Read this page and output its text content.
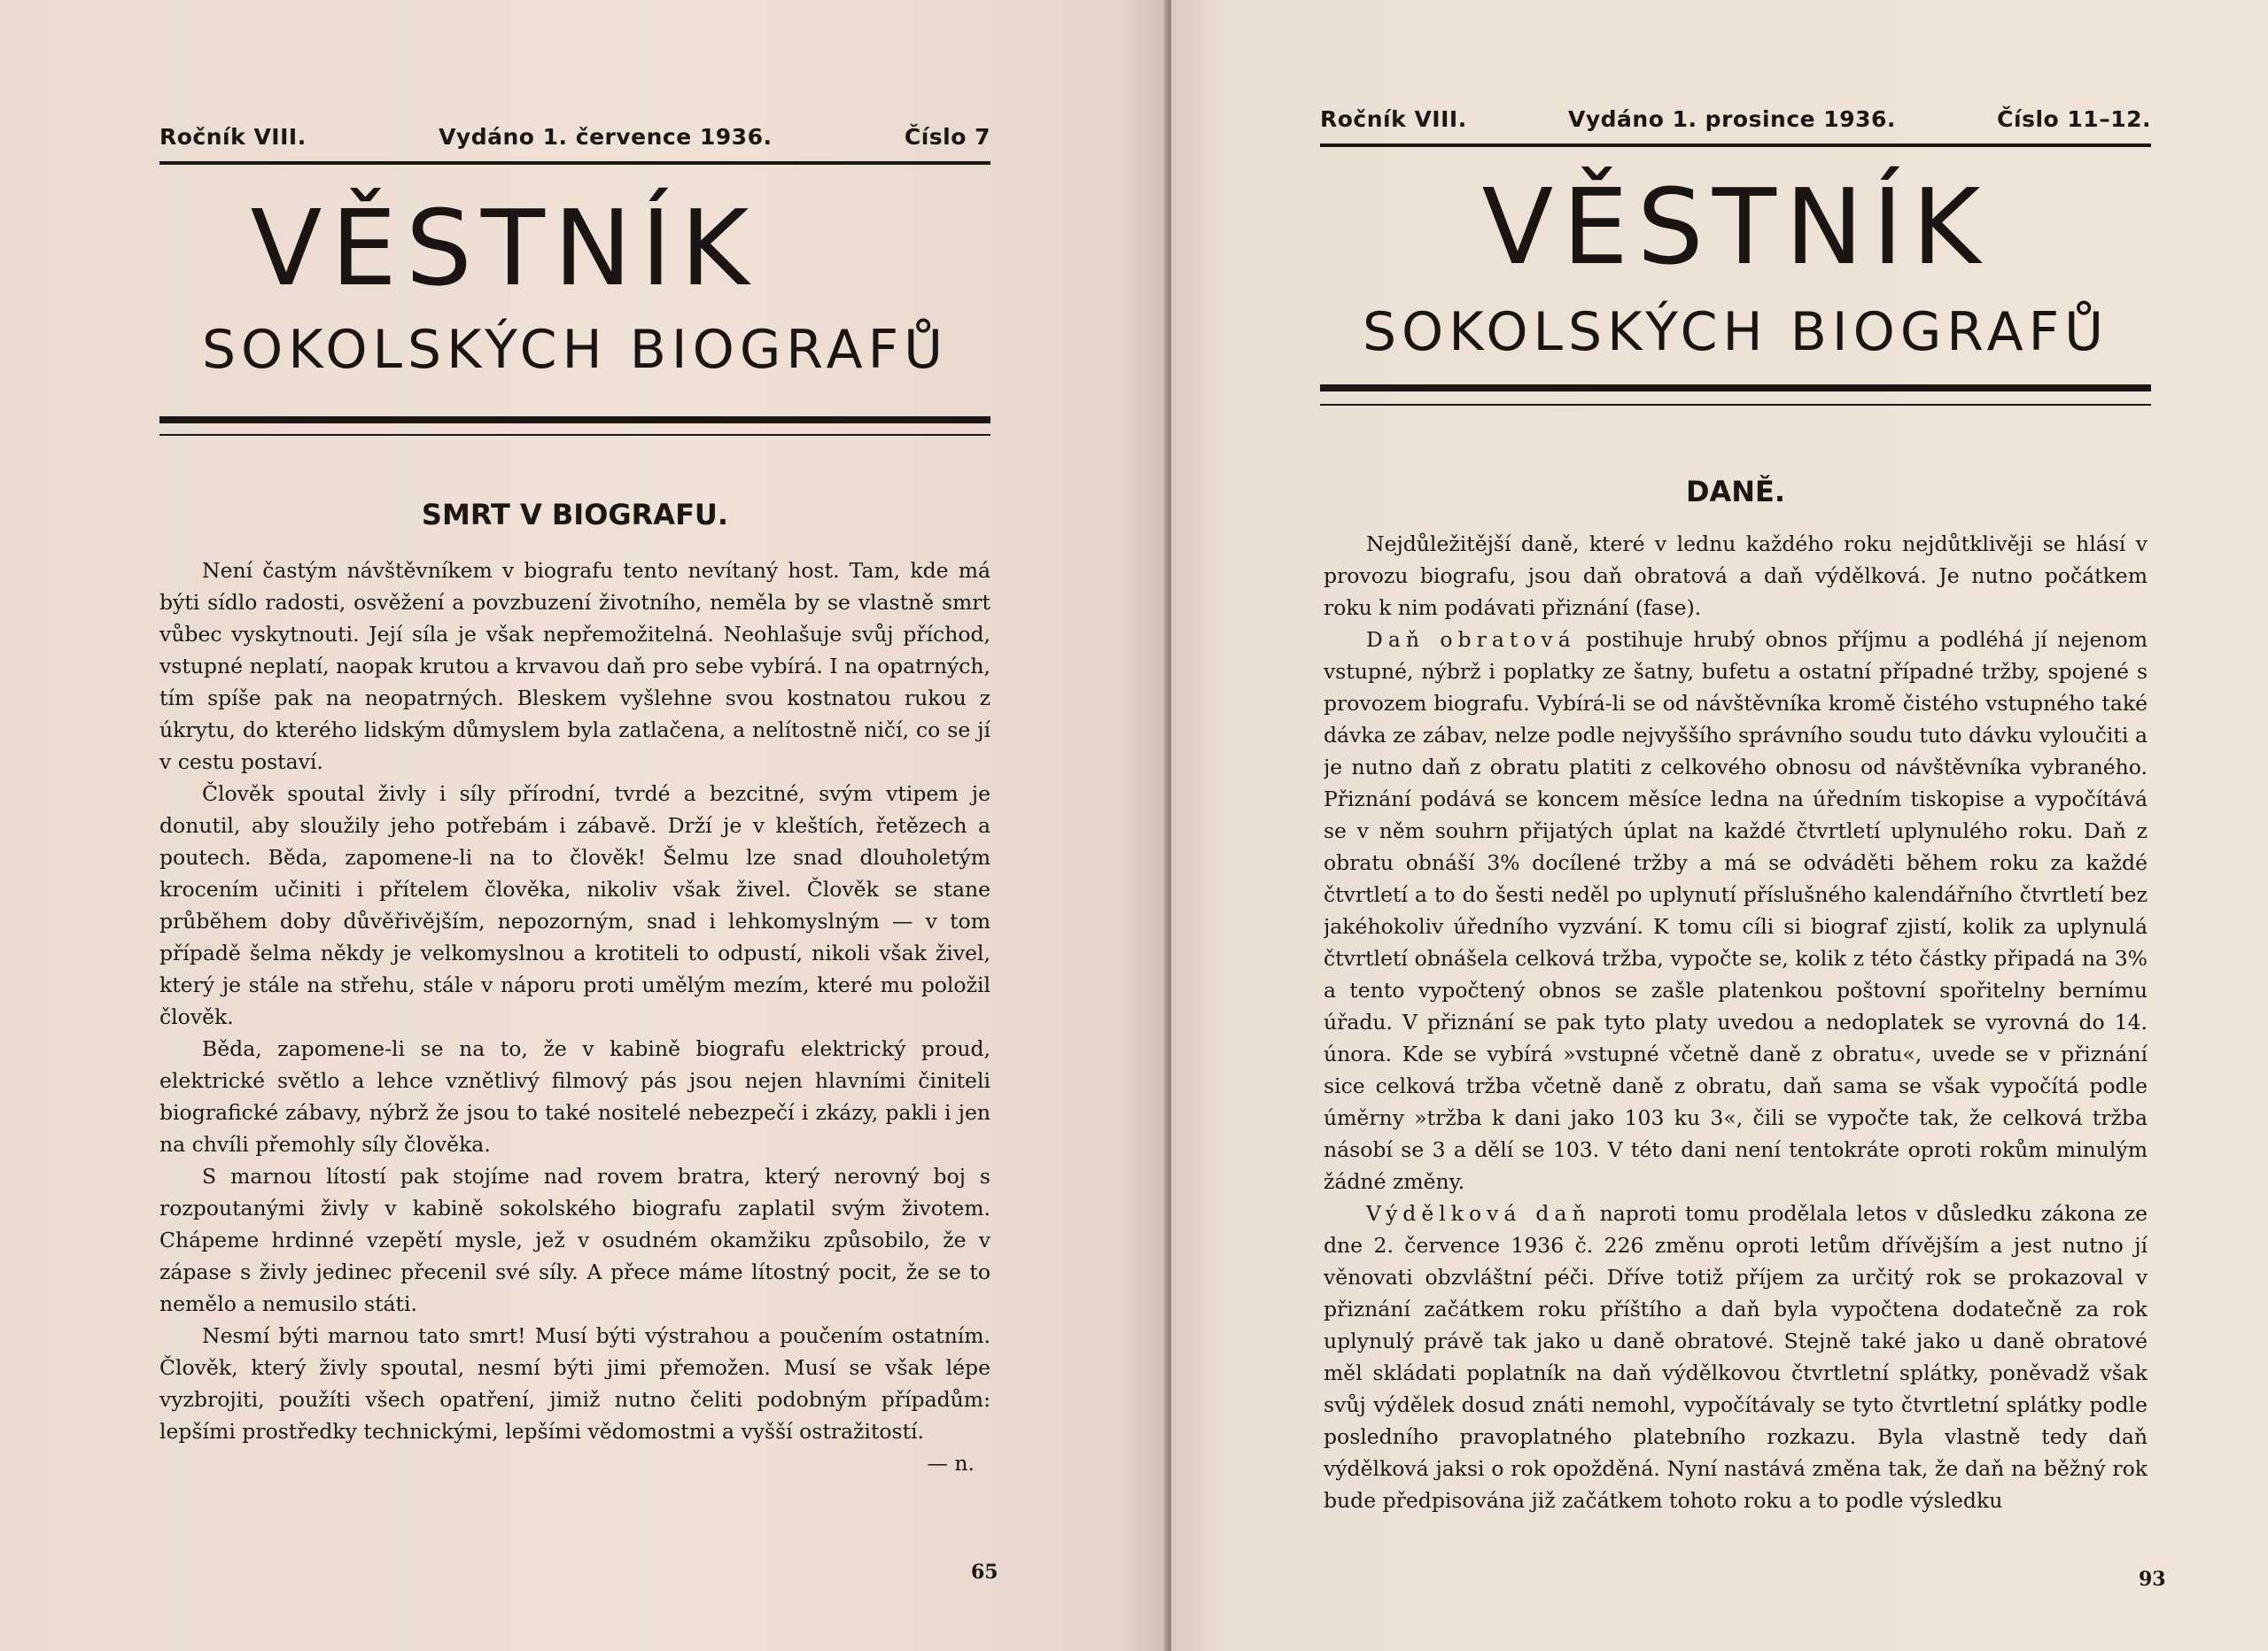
Ročník VIII.	Vydáno 1. července 1936.	Číslo 7
VĚSTNÍK
SOKOLSKÝCH BIOGRAFŮ
SMRT V BIOGRAFU.

Není častým návštěvníkem v biografu tento nevítaný host. Tam, kde má býti sídlo radosti, osvěžení a povzbuzení životního, neměla by se vlastně smrt vůbec vyskytnouti. Její síla je však nepřemožitelná. Neohlašuje svůj příchod, vstupné neplatí, naopak krutou a krvavou daň pro sebe vybírá. I na opatrných, tím spíše pak na neopatrných. Bleskem vyšlehne svou kostnatou rukou z úkrytu, do kterého lidským důmyslem byla zatlačena, a nelítostně ničí, co se jí v cestu postaví.

Člověk spoutal živly i síly přírodní, tvrdé a bezcitné, svým vtipem je donutil, aby sloužily jeho potřebám i zábavě. Drží je v kleštích, řetězech a poutech. Běda, zapomene-li na to člověk! Šelmu lze snad dlouholetým krocením učiniti i přítelem člověka, nikoliv však živel. Člověk se stane průběhem doby důvěřivějším, nepozorným, snad i lehkomyslným — v tom případě šelma někdy je velkomyslnou a krotiteli to odpustí, nikoli však živel, který je stále na střehu, stále v náporu proti umělým mezím, které mu položil člověk.

Běda, zapomene-li se na to, že v kabině biografu elektrický proud, elektrické světlo a lehce vznětlivý filmový pás jsou nejen hlavními činiteli biografické zábavy, nýbrž že jsou to také nositelé nebezpečí i zkázy, pakli i jen na chvíli přemohly síly člověka.

S marnou lítostí pak stojíme nad rovem bratra, který nerovný boj s rozpoutanými živly v kabině sokolského biografu zaplatil svým životem. Chápeme hrdinné vzepětí mysle, jež v osudném okamžiku způsobilo, že v zápase s živly jedinec přecenil své síly. A přece máme lítostný pocit, že se to nemělo a nemusilo státi.

Nesmí býti marnou tato smrt! Musí býti výstrahou a poučením ostatním. Člověk, který živly spoutal, nesmí býti jimi přemožen. Musí se však lépe vyzbrojiti, použíti všech opatření, jimiž nutno čeliti podobným případům: lepšími prostředky technickými, lepšími vědomostmi a vyšší ostražitostí.

— n.
65
Ročník VIII.	Vydáno 1. prosince 1936.	Číslo 11–12.
VĚSTNÍK
SOKOLSKÝCH BIOGRAFŮ
DANĚ.

Nejdůležitější daně, které v lednu každého roku nejdůtklivěji se hlásí v provozu biografu, jsou daň obratová a daň výdělková. Je nutno počátkem roku k nim podávati přiznání (fase).

Daň obratová postihuje hrubý obnos příjmu a podléhá jí nejenom vstupné, nýbrž i poplatky ze šatny, bufetu a ostatní případné tržby, spojené s provozem biografu. Vybírá-li se od návštěvníka kromě čistého vstupného také dávka ze zábav, nelze podle nejvyššího správního soudu tuto dávku vyloučiti a je nutno daň z obratu platiti z celkového obnosu od návštěvníka vybraného. Přiznání podává se koncem měsíce ledna na úředním tiskopise a vypočítává se v něm souhrn přijatých úplat na každé čtvrtletí uplynulého roku. Daň z obratu obnáší 3% docílené tržby a má se odváděti během roku za každé čtvrtletí a to do šesti neděl po uplynutí příslušného kalendářního čtvrtletí bez jakéhokoliv úředního vyzvání. K tomu cíli si biograf zjistí, kolik za uplynulá čtvrtletí obnášela celková tržba, vypočte se, kolik z této částky připadá na 3% a tento vypočtený obnos se zašle platenkou poštovní spořitelny bernímu úřadu. V přiznání se pak tyto platy uvedou a nedoplatek se vyrovná do 14. února. Kde se vybírá »vstupné včetně daně z obratu«, uvede se v přiznání sice celková tržba včetně daně z obratu, daň sama se však vypočítá podle úměrny »tržba k dani jako 103 ku 3«, čili se vypočte tak, že celková tržba násobí se 3 a dělí se 103. V této dani není tentokráte oproti rokům minulým žádné změny.

Výdělková daň naproti tomu prodělala letos v důsledku zákona ze dne 2. července 1936 č. 226 změnu oproti letům dřívějším a jest nutno jí věnovati obzvláštní péči. Dříve totiž příjem za určitý rok se prokazoval v přiznání začátkem roku příštího a daň byla vypočtena dodatečně za rok uplynulý právě tak jako u daně obratové. Stejně také jako u daně obratové měl skládati poplatník na daň výdělkovou čtvrtletní splátky, poněvadž však svůj výdělek dosud znáti nemohl, vypočítávaly se tyto čtvrtletní splátky podle posledního pravoplatného platebního rozkazu. Byla vlastně tedy daň výdělková jaksi o rok opožděná. Nyní nastává změna tak, že daň na běžný rok bude předpisována již začátkem tohoto roku a to podle výsledku

93
